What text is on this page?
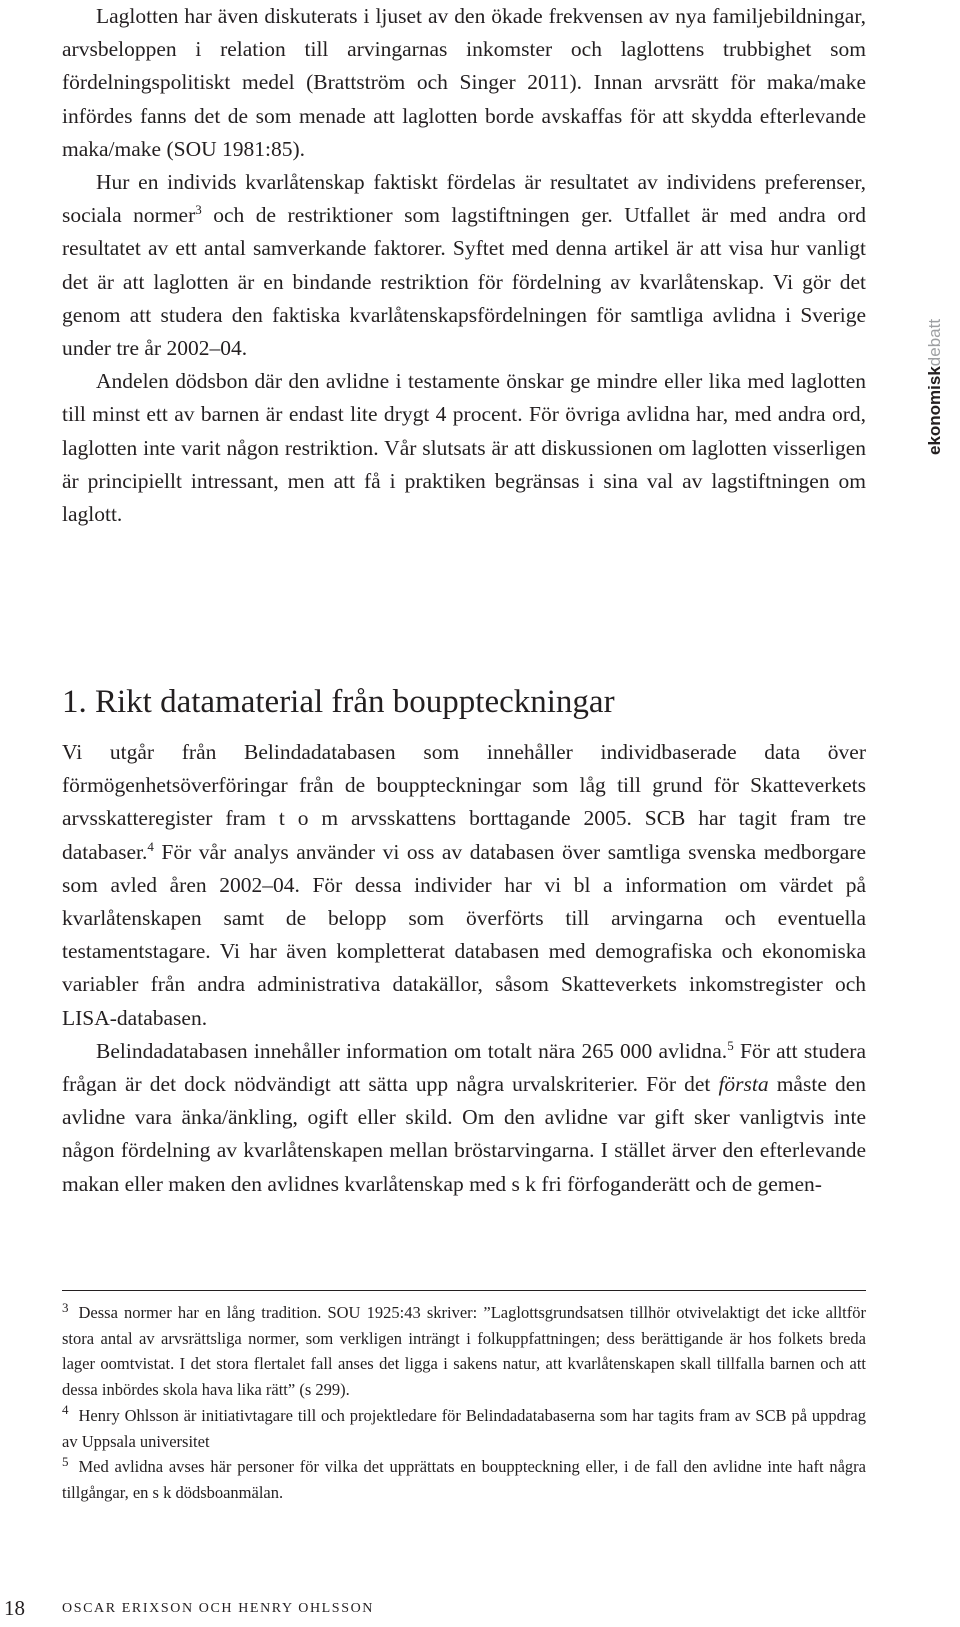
Laglotten har även diskuterats i ljuset av den ökade frekvensen av nya familjebildningar, arvsbeloppen i relation till arvingarnas inkomster och laglottens trubbighet som fördelningspolitiskt medel (Brattström och Singer 2011). Innan arvsrätt för maka/make infördes fanns det de som menade att laglotten borde avskaffas för att skydda efterlevande maka/make (SOU 1981:85).

Hur en individs kvarlåtenskap faktiskt fördelas är resultatet av individens preferenser, sociala normer$^3$ och de restriktioner som lagstiftningen ger. Utfallet är med andra ord resultatet av ett antal samverkande faktorer. Syftet med denna artikel är att visa hur vanligt det är att laglotten är en bindande restriktion för fördelning av kvarlåtenskap. Vi gör det genom att studera den faktiska kvarlåtenskapsfördelningen för samtliga avlidna i Sverige under tre år 2002–04.

Andelen dödsbon där den avlidne i testamente önskar ge mindre eller lika med laglotten till minst ett av barnen är endast lite drygt 4 procent. För övriga avlidna har, med andra ord, laglotten inte varit någon restriktion. Vår slutsats är att diskussionen om laglotten visserligen är principiellt intressant, men att få i praktiken begränsas i sina val av lagstiftningen om laglott.

1. Rikt datamaterial från bouppteckningar

Vi utgår från Belindadatabasen som innehåller individbaserade data över förmögenhetsöverföringar från de bouppteckningar som låg till grund för Skatteverkets arvsskatteregister fram t o m arvsskattens borttagande 2005. SCB har tagit fram tre databaser.$^4$ För vår analys använder vi oss av databasen över samtliga svenska medborgare som avled åren 2002–04. För dessa individer har vi bl a information om värdet på kvarlåtenskapen samt de belopp som överförts till arvingarna och eventuella testamentstagare. Vi har även kompletterat databasen med demografiska och ekonomiska variabler från andra administrativa datakällor, såsom Skatteverkets inkomstregister och LISA-databasen.

Belindadatabasen innehåller information om totalt nära 265 000 avlidna.$^5$ För att studera frågan är det dock nödvändigt att sätta upp några urvalskriterier. För det första måste den avlidne vara änka/änkling, ogift eller skild. Om den avlidne var gift sker vanligtvis inte någon fördelning av kvarlåtenskapen mellan bröstarvingarna. I stället ärver den efterlevande makan eller maken den avlidnes kvarlåtenskap med s k fri förfoganderätt och de gemen-

$^3$ Dessa normer har en lång tradition. SOU 1925:43 skriver: ”Laglottsgrundsatsen tillhör otvivelaktigt det icke alltför stora antal av arvsrättsliga normer, som verkligen inträngt i folkuppfattningen; dess berättigande är hos folkets breda lager oomtvistat. I det stora flertalet fall anses det ligga i sakens natur, att kvarlåtenskapen skall tillfalla barnen och att dessa inbördes skola hava lika rätt” (s 299).

$^4$ Henry Ohlsson är initiativtagare till och projektledare för Belindadatabaserna som har tagits fram av SCB på uppdrag av Uppsala universitet

$^5$ Med avlidna avses här personer för vilka det upprättats en bouppteckning eller, i de fall den avlidne inte haft några tillgångar, en s k dödsboanmälan.

ekonomiskdebatt
18	OSCAR ERIXSON OCH HENRY OHLSSON
